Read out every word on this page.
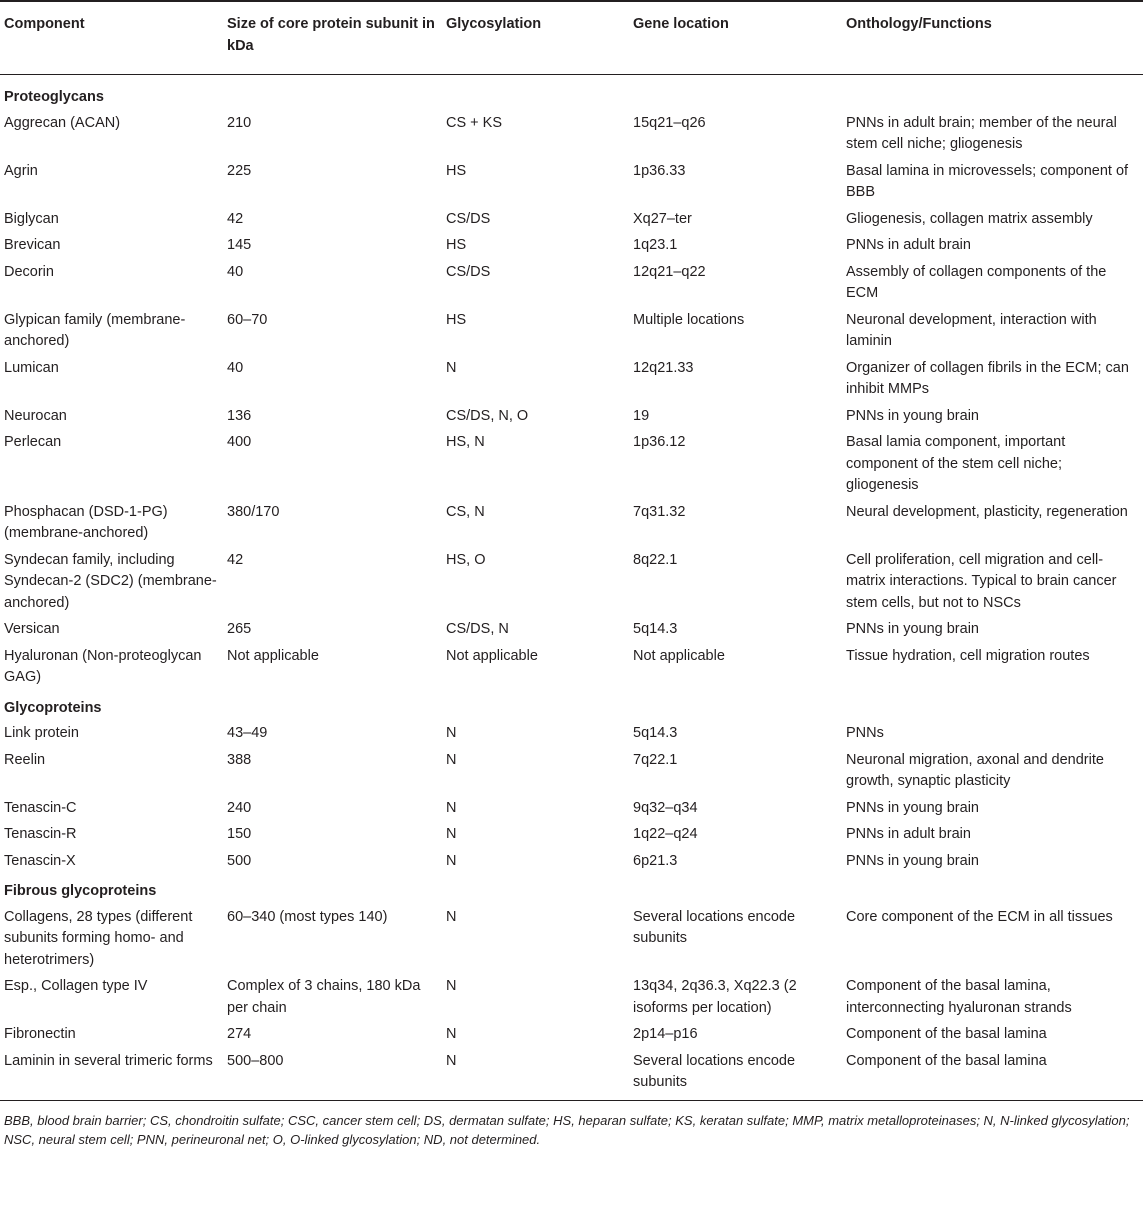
Component	Size of core protein subunit in kDa	Glycosylation	Gene location	Onthology/Functions
Proteoglycans				
Aggrecan (ACAN)	210	CS + KS	15q21–q26	PNNs in adult brain; member of the neural stem cell niche; gliogenesis
Agrin	225	HS	1p36.33	Basal lamina in microvessels; component of BBB
Biglycan	42	CS/DS	Xq27–ter	Gliogenesis, collagen matrix assembly
Brevican	145	HS	1q23.1	PNNs in adult brain
Decorin	40	CS/DS	12q21–q22	Assembly of collagen components of the ECM
Glypican family (membrane-anchored)	60–70	HS	Multiple locations	Neuronal development, interaction with laminin
Lumican	40	N	12q21.33	Organizer of collagen fibrils in the ECM; can inhibit MMPs
Neurocan	136	CS/DS, N, O	19	PNNs in young brain
Perlecan	400	HS, N	1p36.12	Basal lamia component, important component of the stem cell niche; gliogenesis
Phosphacan (DSD-1-PG) (membrane-anchored)	380/170	CS, N	7q31.32	Neural development, plasticity, regeneration
Syndecan family, including Syndecan-2 (SDC2) (membrane-anchored)	42	HS, O	8q22.1	Cell proliferation, cell migration and cell-matrix interactions. Typical to brain cancer stem cells, but not to NSCs
Versican	265	CS/DS, N	5q14.3	PNNs in young brain
Hyaluronan (Non-proteoglycan GAG)	Not applicable	Not applicable	Not applicable	Tissue hydration, cell migration routes
Glycoproteins				
Link protein	43–49	N	5q14.3	PNNs
Reelin	388	N	7q22.1	Neuronal migration, axonal and dendrite growth, synaptic plasticity
Tenascin-C	240	N	9q32–q34	PNNs in young brain
Tenascin-R	150	N	1q22–q24	PNNs in adult brain
Tenascin-X	500	N	6p21.3	PNNs in young brain
Fibrous glycoproteins				
Collagens, 28 types (different subunits forming homo- and heterotrimers)	60–340 (most types 140)	N	Several locations encode subunits	Core component of the ECM in all tissues
Esp., Collagen type IV	Complex of 3 chains, 180 kDa per chain	N	13q34, 2q36.3, Xq22.3 (2 isoforms per location)	Component of the basal lamina, interconnecting hyaluronan strands
Fibronectin	274	N	2p14–p16	Component of the basal lamina
Laminin in several trimeric forms	500–800	N	Several locations encode subunits	Component of the basal lamina
BBB, blood brain barrier; CS, chondroitin sulfate; CSC, cancer stem cell; DS, dermatan sulfate; HS, heparan sulfate; KS, keratan sulfate; MMP, matrix metalloproteinases; N, N-linked glycosylation; NSC, neural stem cell; PNN, perineuronal net; O, O-linked glycosylation; ND, not determined.
